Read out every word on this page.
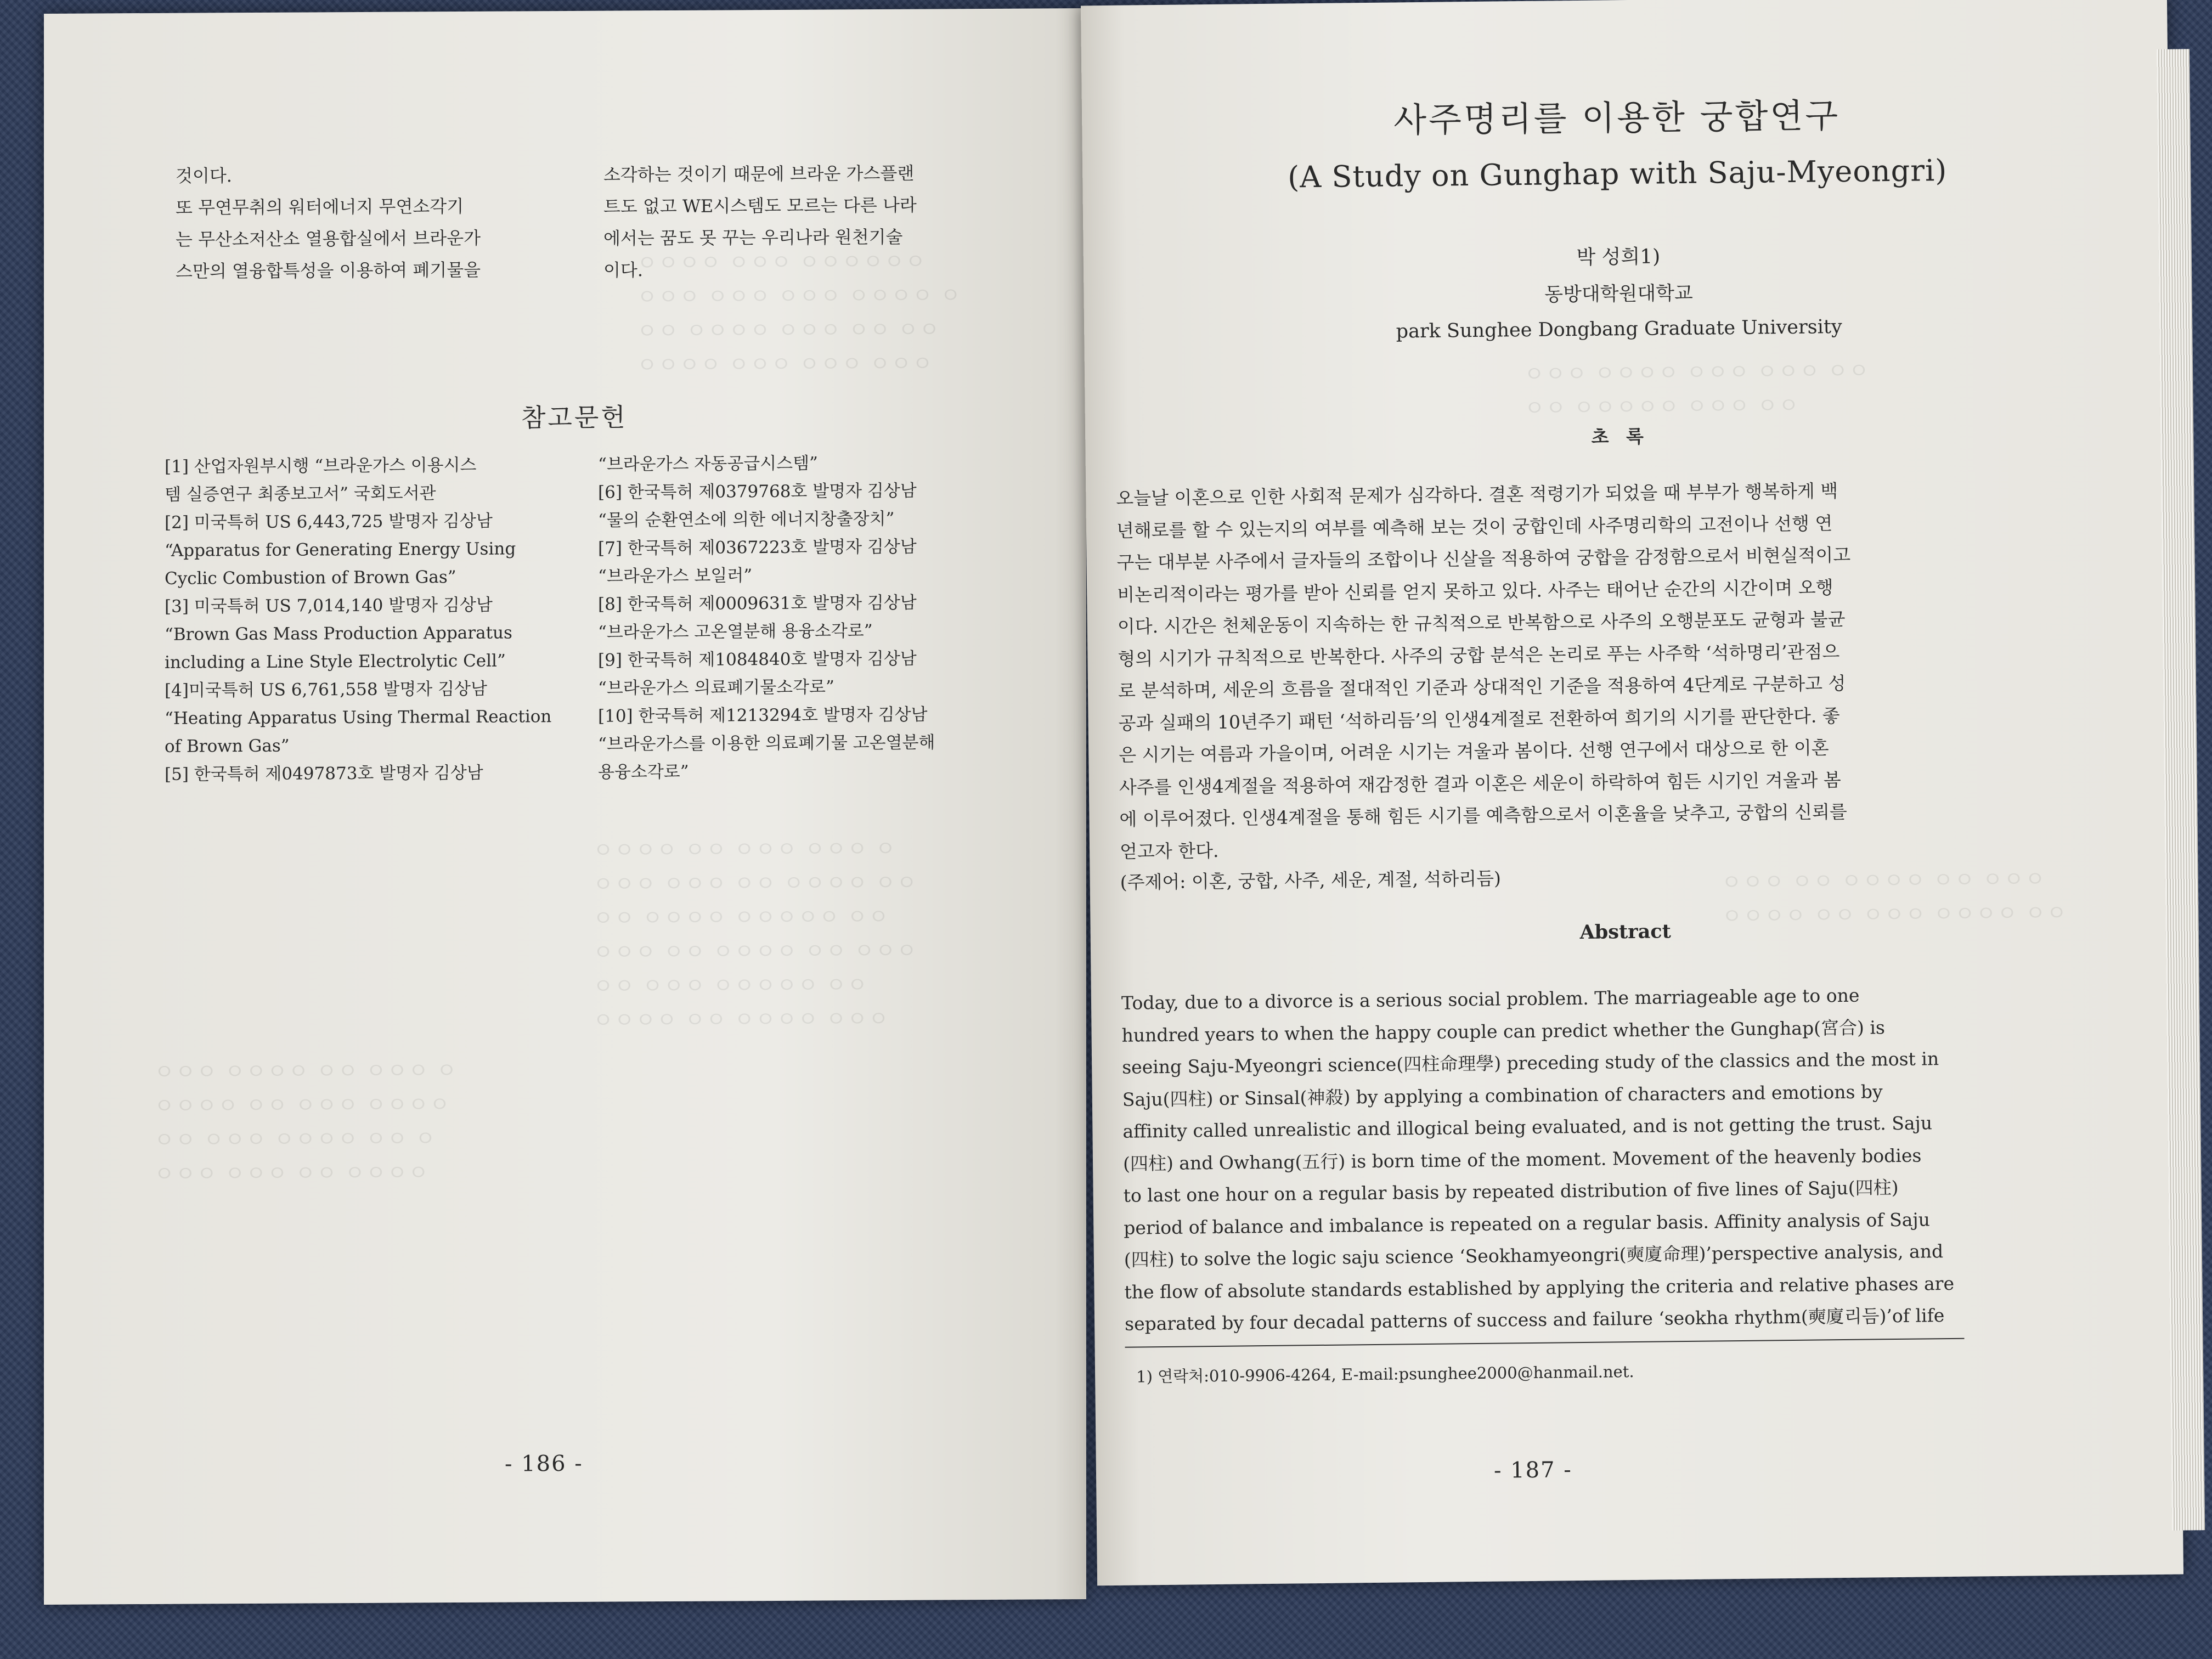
ㅇㅇㅇㅇ ㅇㅇㅇ ㅇㅇㅇㅇㅇㅇ
ㅇㅇㅇ ㅇㅇㅇ ㅇㅇㅇ ㅇㅇㅇㅇ ㅇ
ㅇㅇ ㅇㅇㅇㅇ ㅇㅇㅇ ㅇㅇ ㅇㅇ
ㅇㅇㅇㅇ ㅇㅇㅇ ㅇㅇㅇ ㅇㅇㅇ
ㅇㅇㅇㅇ ㅇㅇ ㅇㅇㅇ ㅇㅇㅇ ㅇ
ㅇㅇㅇ ㅇㅇㅇ ㅇㅇ ㅇㅇㅇㅇ ㅇㅇ
ㅇㅇ ㅇㅇㅇㅇ ㅇㅇㅇㅇㅇ ㅇㅇ
ㅇㅇㅇ ㅇㅇ ㅇㅇㅇㅇ ㅇㅇ ㅇㅇㅇ
ㅇㅇ ㅇㅇㅇ ㅇㅇㅇㅇㅇ ㅇㅇ
ㅇㅇㅇㅇ ㅇㅇ ㅇㅇㅇㅇ ㅇㅇㅇ
ㅇㅇㅇ ㅇㅇㅇㅇ ㅇㅇ ㅇㅇㅇ ㅇ
ㅇㅇㅇㅇ ㅇㅇ ㅇㅇㅇ ㅇㅇㅇㅇ
ㅇㅇ ㅇㅇㅇ ㅇㅇㅇㅇ ㅇㅇ ㅇ
ㅇㅇㅇ ㅇㅇㅇ ㅇㅇ ㅇㅇㅇㅇ
것이다.
또 무연무취의 워터에너지 무연소각기
는 무산소저산소 열용합실에서 브라운가
스만의 열융합특성을 이용하여 폐기물을
소각하는 것이기 때문에 브라운 가스플랜
트도 없고 WE시스템도 모르는 다른 나라
에서는 꿈도 못 꾸는 우리나라 원천기술
이다.
참고문헌
[1] 산업자원부시행 “브라운가스 이용시스
템 실증연구 최종보고서” 국회도서관
[2] 미국특허 US 6,443,725 발명자 김상남
“Apparatus for Generating Energy Using
Cyclic Combustion of Brown Gas”
[3] 미국특허 US 7,014,140 발명자 김상남
“Brown Gas Mass Production Apparatus
including a Line Style Electrolytic Cell”
[4]미국특허 US 6,761,558 발명자 김상남
“Heating Apparatus Using Thermal Reaction
of Brown Gas”
[5] 한국특허 제0497873호 발명자 김상남
“브라운가스 자동공급시스템”
[6] 한국특허 제0379768호 발명자 김상남
“물의 순환연소에 의한 에너지창출장치”
[7] 한국특허 제0367223호 발명자 김상남
“브라운가스 보일러”
[8] 한국특허 제0009631호 발명자 김상남
“브라운가스 고온열분해 용융소각로”
[9] 한국특허 제1084840호 발명자 김상남
“브라운가스 의료폐기물소각로”
[10] 한국특허 제1213294호 발명자 김상남
“브라운가스를 이용한 의료폐기물 고온열분해
용융소각로”
- 186 -
ㅇㅇㅇ ㅇㅇㅇㅇ ㅇㅇㅇ ㅇㅇㅇ ㅇㅇ
ㅇㅇ ㅇㅇㅇㅇㅇ ㅇㅇㅇ ㅇㅇ
ㅇㅇㅇ ㅇㅇ ㅇㅇㅇㅇ ㅇㅇ ㅇㅇㅇ
ㅇㅇㅇㅇ ㅇㅇ ㅇㅇㅇ ㅇㅇㅇㅇ ㅇㅇ
사주명리를 이용한 궁합연구
(A Study on Gunghap with Saju-Myeongri)
박 성희1)
동방대학원대학교
park Sunghee Dongbang Graduate University
초 록
오늘날 이혼으로 인한 사회적 문제가 심각하다. 결혼 적령기가 되었을 때 부부가 행복하게 백
년해로를 할 수 있는지의 여부를 예측해 보는 것이 궁합인데 사주명리학의 고전이나 선행 연
구는 대부분 사주에서 글자들의 조합이나 신살을 적용하여 궁합을 감정함으로서 비현실적이고
비논리적이라는 평가를 받아 신뢰를 얻지 못하고 있다. 사주는 태어난 순간의 시간이며 오행
이다. 시간은 천체운동이 지속하는 한 규칙적으로 반복함으로 사주의 오행분포도 균형과 불균
형의 시기가 규칙적으로 반복한다. 사주의 궁합 분석은 논리로 푸는 사주학 ‘석하명리’관점으
로 분석하며, 세운의 흐름을 절대적인 기준과 상대적인 기준을 적용하여 4단계로 구분하고 성
공과 실패의 10년주기 패턴 ‘석하리듬’의 인생4계절로 전환하여 희기의 시기를 판단한다. 좋
은 시기는 여름과 가을이며, 어려운 시기는 겨울과 봄이다. 선행 연구에서 대상으로 한 이혼
사주를 인생4계절을 적용하여 재감정한 결과 이혼은 세운이 하락하여 힘든 시기인 겨울과 봄
에 이루어졌다. 인생4계절을 통해 힘든 시기를 예측함으로서 이혼율을 낮추고, 궁합의 신뢰를
얻고자 한다.
(주제어: 이혼, 궁합, 사주, 세운, 계절, 석하리듬)
Abstract
Today, due to a divorce is a serious social problem. The marriageable age to one
hundred years to when the happy couple can predict whether the Gunghap(宮合) is
seeing Saju-Myeongri science(四柱命理學) preceding study of the classics and the most in
Saju(四柱) or Sinsal(神殺) by applying a combination of characters and emotions by
affinity called unrealistic and illogical being evaluated, and is not getting the trust. Saju
(四柱) and Owhang(五行) is born time of the moment. Movement of the heavenly bodies
to last one hour on a regular basis by repeated distribution of five lines of Saju(四柱)
period of balance and imbalance is repeated on a regular basis. Affinity analysis of Saju
(四柱) to solve the logic saju science ‘Seokhamyeongri(奭廈命理)’perspective analysis, and
the flow of absolute standards established by applying the criteria and relative phases are
separated by four decadal patterns of success and failure ‘seokha rhythm(奭廈리듬)’of life
1) 연락처:010-9906-4264, E-mail:psunghee2000@hanmail.net.
- 187 -
